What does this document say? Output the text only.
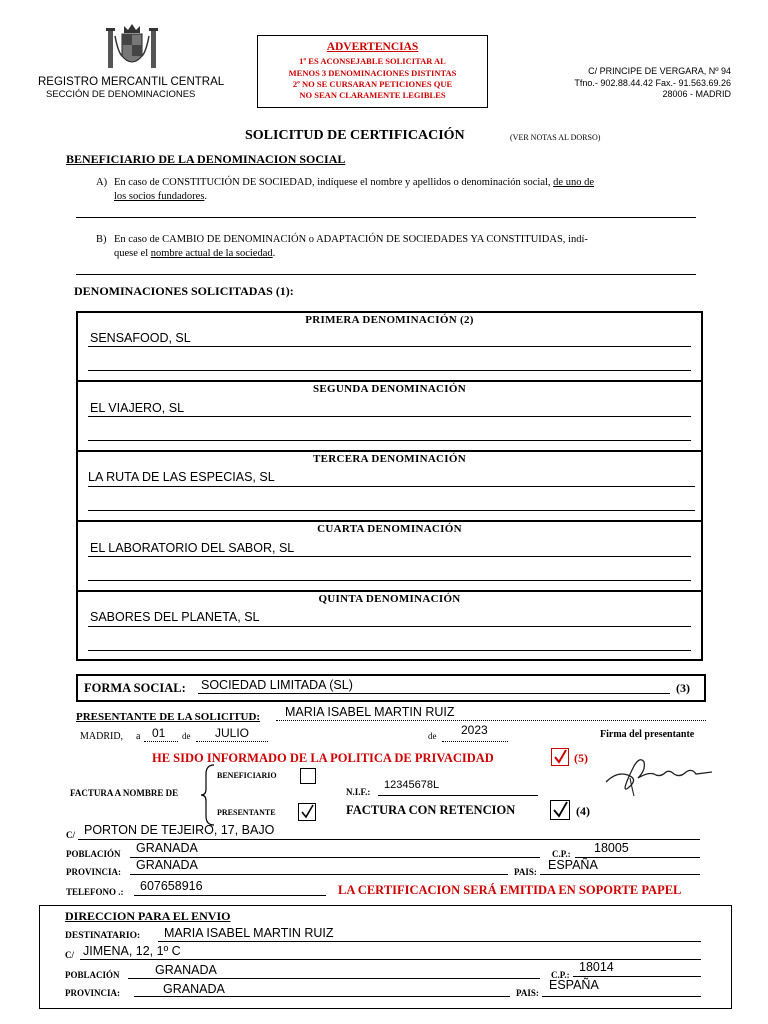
REGISTRO MERCANTIL CENTRAL
SECCIÓN DE DENOMINACIONES
ADVERTENCIAS
1º ES ACONSEJABLE SOLICITAR AL
MENOS 3 DENOMINACIONES DISTINTAS
2º NO SE CURSARAN PETICIONES QUE
NO SEAN CLARAMENTE LEGIBLES
C/ PRINCIPE DE VERGARA, Nº 94
Tfno.- 902.88.44.42 Fax.- 91.563.69.26
28006 - MADRID
SOLICITUD DE CERTIFICACIÓN	(VER NOTAS AL DORSO)
BENEFICIARIO DE LA DENOMINACION SOCIAL
A) En caso de CONSTITUCIÓN DE SOCIEDAD, indíquese el nombre y apellidos o denominación social, de uno de
los socios fundadores.
B) En caso de CAMBIO DE DENOMINACIÓN o ADAPTACIÓN DE SOCIEDADES YA CONSTITUIDAS, indí-
quese el nombre actual de la sociedad.
DENOMINACIONES SOLICITADAS (1):
PRIMERA DENOMINACIÓN (2)
SENSAFOOD, SL
SEGUNDA DENOMINACIÓN
EL VIAJERO, SL
TERCERA DENOMINACIÓN
LA RUTA DE LAS ESPECIAS, SL
CUARTA DENOMINACIÓN
EL LABORATORIO DEL SABOR, SL
QUINTA DENOMINACIÓN
SABORES DEL PLANETA, SL
FORMA SOCIAL: SOCIEDAD LIMITADA (SL)	(3)
PRESENTANTE DE LA SOLICITUD: MARIA ISABEL MARTIN RUIZ
MADRID, a 01 de JULIO	de 2023	Firma del presentante
HE SIDO INFORMADO DE LA POLITICA DE PRIVACIDAD	(5)
FACTURA A NOMBRE DE
BENEFICIARIO
PRESENTANTE
N.I.F.:
12345678L
FACTURA CON RETENCION	(4)
C/ PORTON DE TEJEIRO, 17, BAJO
POBLACIÓN GRANADA	C.P.: 18005
PROVINCIA: GRANADA	PAIS: ESPAÑA
TELEFONO .: 607658916	LA CERTIFICACION SERÁ EMITIDA EN SOPORTE PAPEL
DIRECCION PARA EL ENVIO
DESTINATARIO: MARIA ISABEL MARTIN RUIZ
C/ JIMENA, 12, 1º C
POBLACIÓN	GRANADA	C.P.:
18014
PROVINCIA:	GRANADA	PAIS:
ESPAÑA
